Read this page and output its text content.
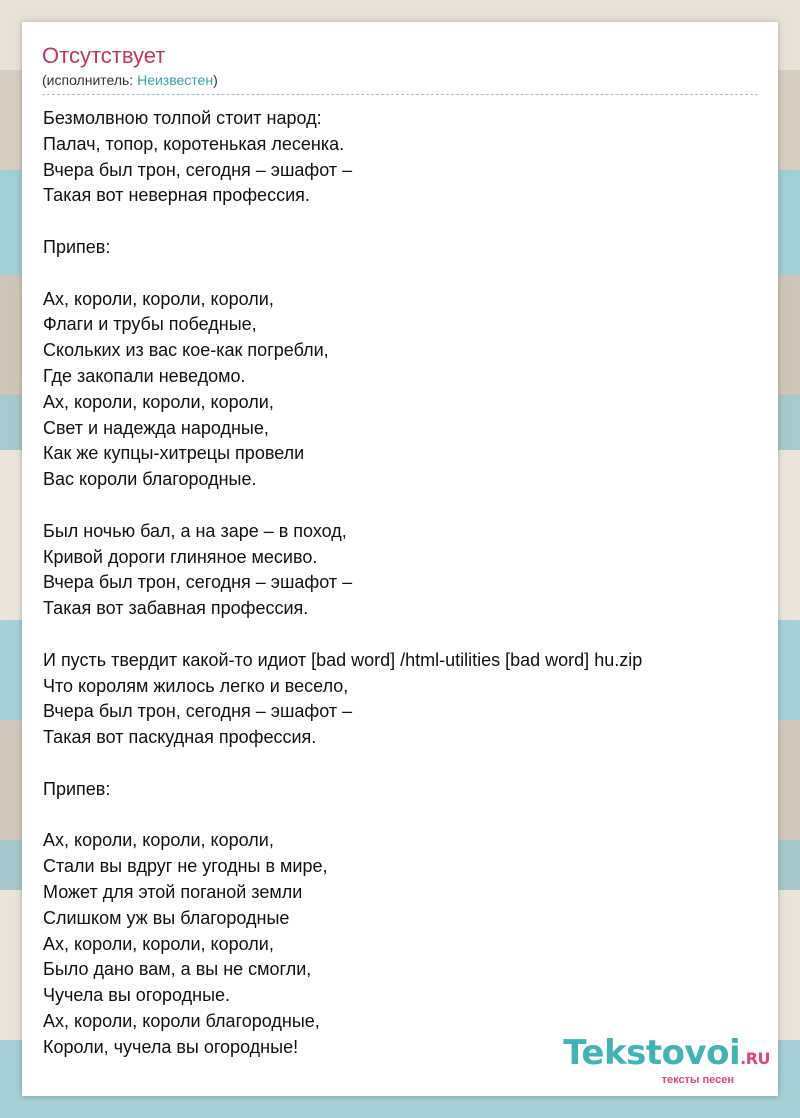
Отсутствует
(исполнитель: Неизвестен)
Безмолвною толпой стоит народ:
Палач, топор, коротенькая лесенка.
Вчера был трон, сегодня – эшафот –
Такая вот неверная профессия.
Припев:
Ах, короли, короли, короли,
Флаги и трубы победные,
Скольких из вас кое-как погребли,
Где закопали неведомо.
Ах, короли, короли, короли,
Свет и надежда народные,
Как же купцы-хитрецы провели
Вас короли благородные.
Был ночью бал, а на заре – в поход,
Кривой дороги глиняное месиво.
Вчера был трон, сегодня – эшафот –
Такая вот забавная профессия.
И пусть твердит какой-то идиот [bad word] /html-utilities [bad word] hu.zip
Что королям жилось легко и весело,
Вчера был трон, сегодня – эшафот –
Такая вот паскудная профессия.
Припев:
Ах, короли, короли, короли,
Стали вы вдруг не угодны в мире,
Может для этой поганой земли
Слишком уж вы благородные
Ах, короли, короли, короли,
Было дано вам, а вы не смогли,
Чучела вы огородные.
Ах, короли, короли благородные,
Короли, чучела вы огородные!	Tekstovoi.RU
тексты песен
